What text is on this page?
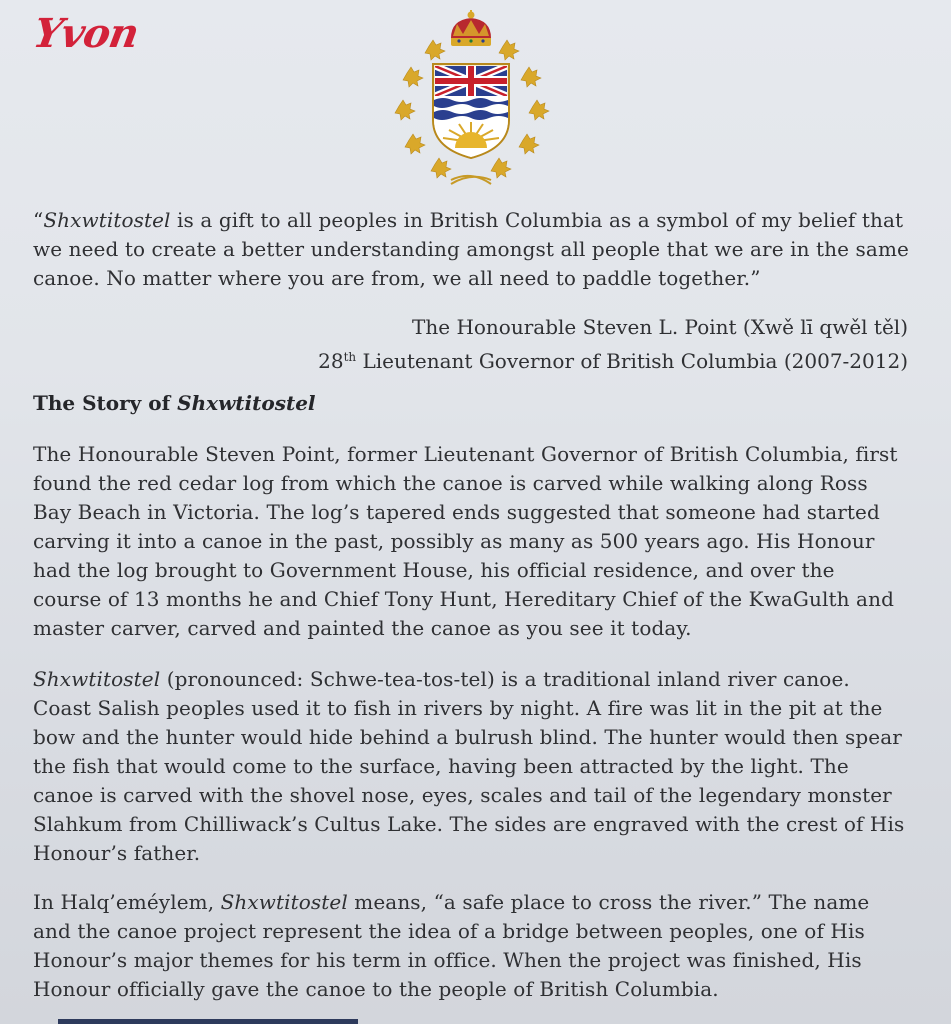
Yvon
“Shxwtitostel is a gift to all peoples in British Columbia as a symbol of my belief that we need to create a better understanding amongst all people that we are in the same canoe. No matter where you are from, we all need to paddle together.”
The Honourable Steven L. Point (Xwě lī qwěl těl)
28th Lieutenant Governor of British Columbia (2007-2012)
The Story of Shxwtitostel
The Honourable Steven Point, former Lieutenant Governor of British Columbia, first found the red cedar log from which the canoe is carved while walking along Ross Bay Beach in Victoria. The log’s tapered ends suggested that someone had started carving it into a canoe in the past, possibly as many as 500 years ago. His Honour had the log brought to Government House, his official residence, and over the course of 13 months he and Chief Tony Hunt, Hereditary Chief of the KwaGulth and master carver, carved and painted the canoe as you see it today.
Shxwtitostel (pronounced: Schwe-tea-tos-tel) is a traditional inland river canoe. Coast Salish peoples used it to fish in rivers by night. A fire was lit in the pit at the bow and the hunter would hide behind a bulrush blind. The hunter would then spear the fish that would come to the surface, having been attracted by the light. The canoe is carved with the shovel nose, eyes, scales and tail of the legendary monster Slahkum from Chilliwack’s Cultus Lake. The sides are engraved with the crest of His Honour’s father.
In Halq’eméylem, Shxwtitostel means, “a safe place to cross the river.” The name and the canoe project represent the idea of a bridge between peoples, one of His Honour’s major themes for his term in office. When the project was finished, His Honour officially gave the canoe to the people of British Columbia.
